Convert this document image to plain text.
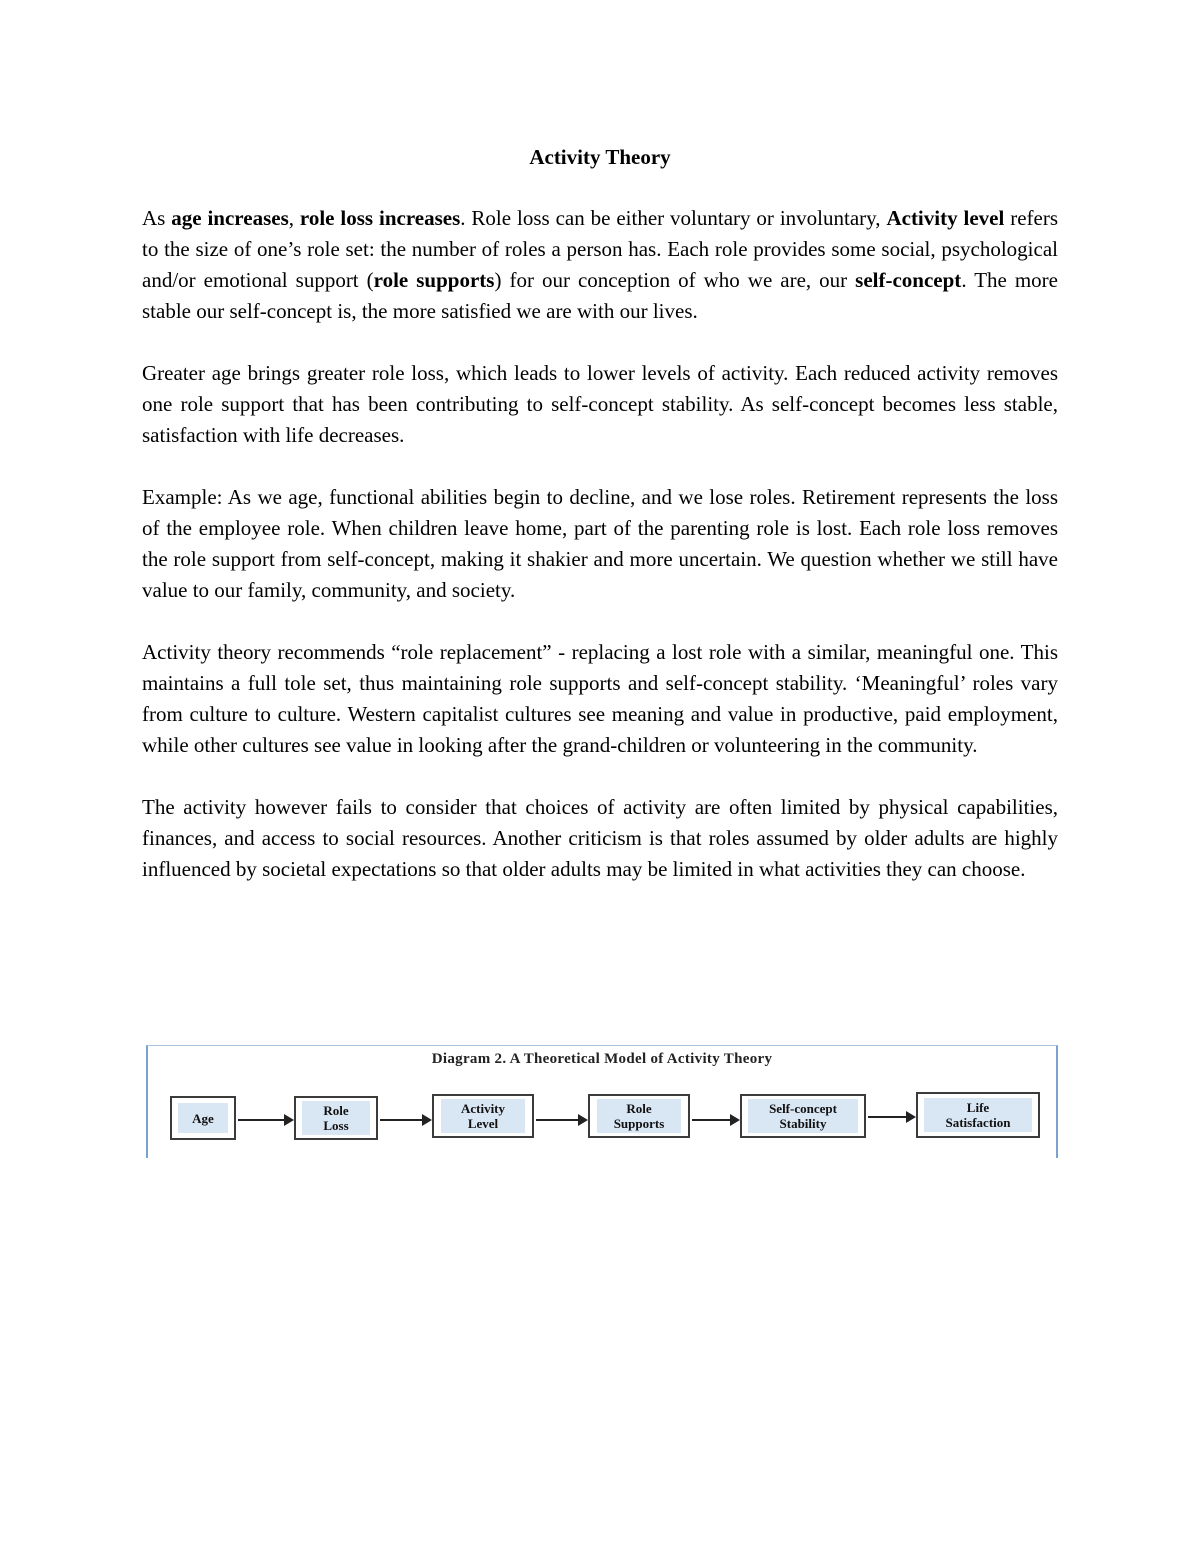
Activity Theory

As age increases, role loss increases. Role loss can be either voluntary or involuntary, Activity level refers to the size of one’s role set: the number of roles a person has. Each role provides some social, psychological and/or emotional support (role supports) for our conception of who we are, our self-concept. The more stable our self-concept is, the more satisfied we are with our lives.

Greater age brings greater role loss, which leads to lower levels of activity. Each reduced activity removes one role support that has been contributing to self-concept stability. As self-concept becomes less stable, satisfaction with life decreases.

Example: As we age, functional abilities begin to decline, and we lose roles. Retirement represents the loss of the employee role. When children leave home, part of the parenting role is lost. Each role loss removes the role support from self-concept, making it shakier and more uncertain. We question whether we still have value to our family, community, and society.

Activity theory recommends “role replacement” - replacing a lost role with a similar, meaningful one. This maintains a full tole set, thus maintaining role supports and self-concept stability. ‘Meaningful’ roles vary from culture to culture. Western capitalist cultures see meaning and value in productive, paid employment, while other cultures see value in looking after the grand-children or volunteering in the community.

The activity however fails to consider that choices of activity are often limited by physical capabilities, finances, and access to social resources. Another criticism is that roles assumed by older adults are highly influenced by societal expectations so that older adults may be limited in what activities they can choose.

Diagram 2. A Theoretical Model of Activity Theory
Age	Role
Loss
Activity
Level
Role
Supports
Self-concept
Stability
Life
Satisfaction
